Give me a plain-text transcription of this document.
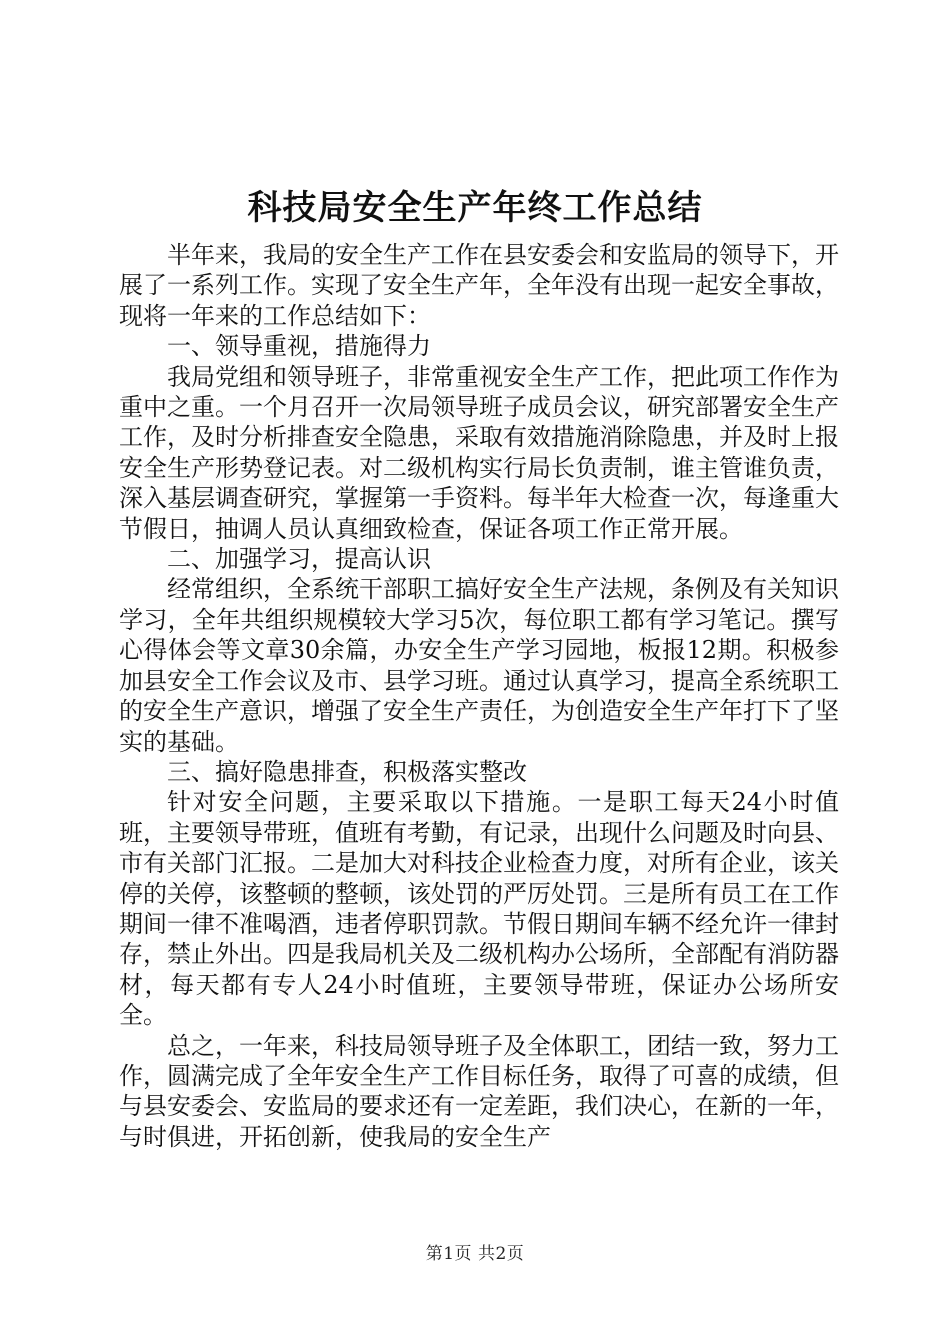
科技局安全生产年终工作总结

半年来，我局的安全生产工作在县安委会和安监局的领导下，开展了一系列工作。实现了安全生产年，全年没有出现一起安全事故，现将一年来的工作总结如下：

一、领导重视，措施得力

我局党组和领导班子，非常重视安全生产工作，把此项工作作为重中之重。一个月召开一次局领导班子成员会议，研究部署安全生产工作，及时分析排查安全隐患，采取有效措施消除隐患，并及时上报安全生产形势登记表。对二级机构实行局长负责制，谁主管谁负责，深入基层调查研究，掌握第一手资料。每半年大检查一次，每逢重大节假日，抽调人员认真细致检查，保证各项工作正常开展。

二、加强学习，提高认识

经常组织，全系统干部职工搞好安全生产法规，条例及有关知识学习，全年共组织规模较大学习5次，每位职工都有学习笔记。撰写心得体会等文章30余篇，办安全生产学习园地，板报12期。积极参加县安全工作会议及市、县学习班。通过认真学习，提高全系统职工的安全生产意识，增强了安全生产责任，为创造安全生产年打下了坚实的基础。

三、搞好隐患排查，积极落实整改

针对安全问题，主要采取以下措施。一是职工每天24小时值班，主要领导带班，值班有考勤，有记录，出现什么问题及时向县、市有关部门汇报。二是加大对科技企业检查力度，对所有企业，该关停的关停，该整顿的整顿，该处罚的严厉处罚。三是所有员工在工作期间一律不准喝酒，违者停职罚款。节假日期间车辆不经允许一律封存，禁止外出。四是我局机关及二级机构办公场所，全部配有消防器材，每天都有专人24小时值班，主要领导带班，保证办公场所安全。

总之，一年来，科技局领导班子及全体职工，团结一致，努力工作，圆满完成了全年安全生产工作目标任务，取得了可喜的成绩，但与县安委会、安监局的要求还有一定差距，我们决心，在新的一年，与时俱进，开拓创新，使我局的安全生产

第1页 共2页
